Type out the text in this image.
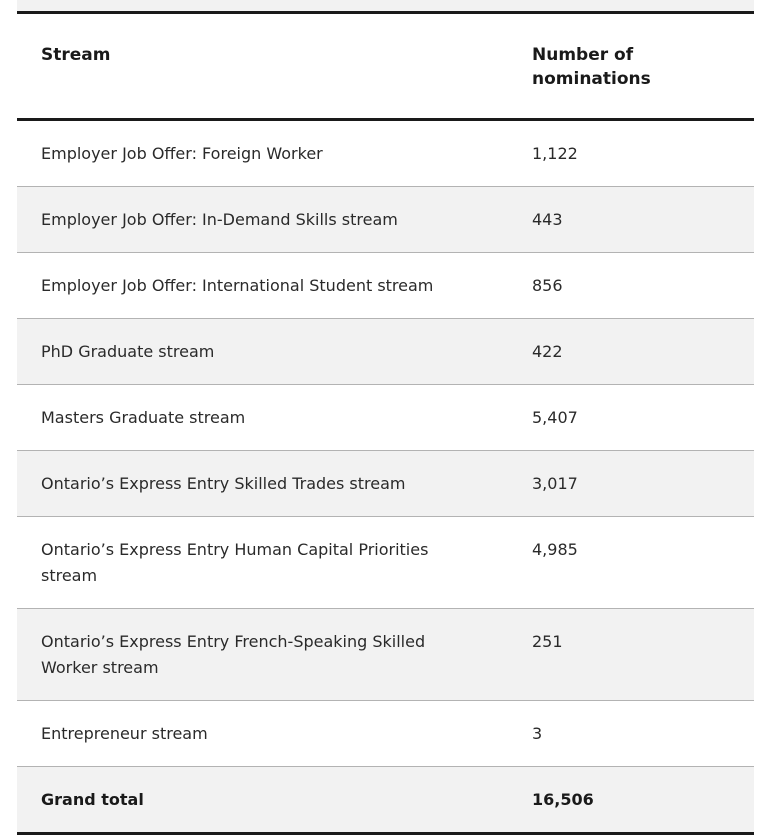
Stream	Number of nominations
Employer Job Offer: Foreign Worker	1,122
Employer Job Offer: In-Demand Skills stream	443
Employer Job Offer: International Student stream	856
PhD Graduate stream	422
Masters Graduate stream	5,407
Ontario’s Express Entry Skilled Trades stream	3,017
Ontario’s Express Entry Human Capital Priorities stream	4,985
Ontario’s Express Entry French-Speaking Skilled Worker stream	251
Entrepreneur stream	3
Grand total	16,506
